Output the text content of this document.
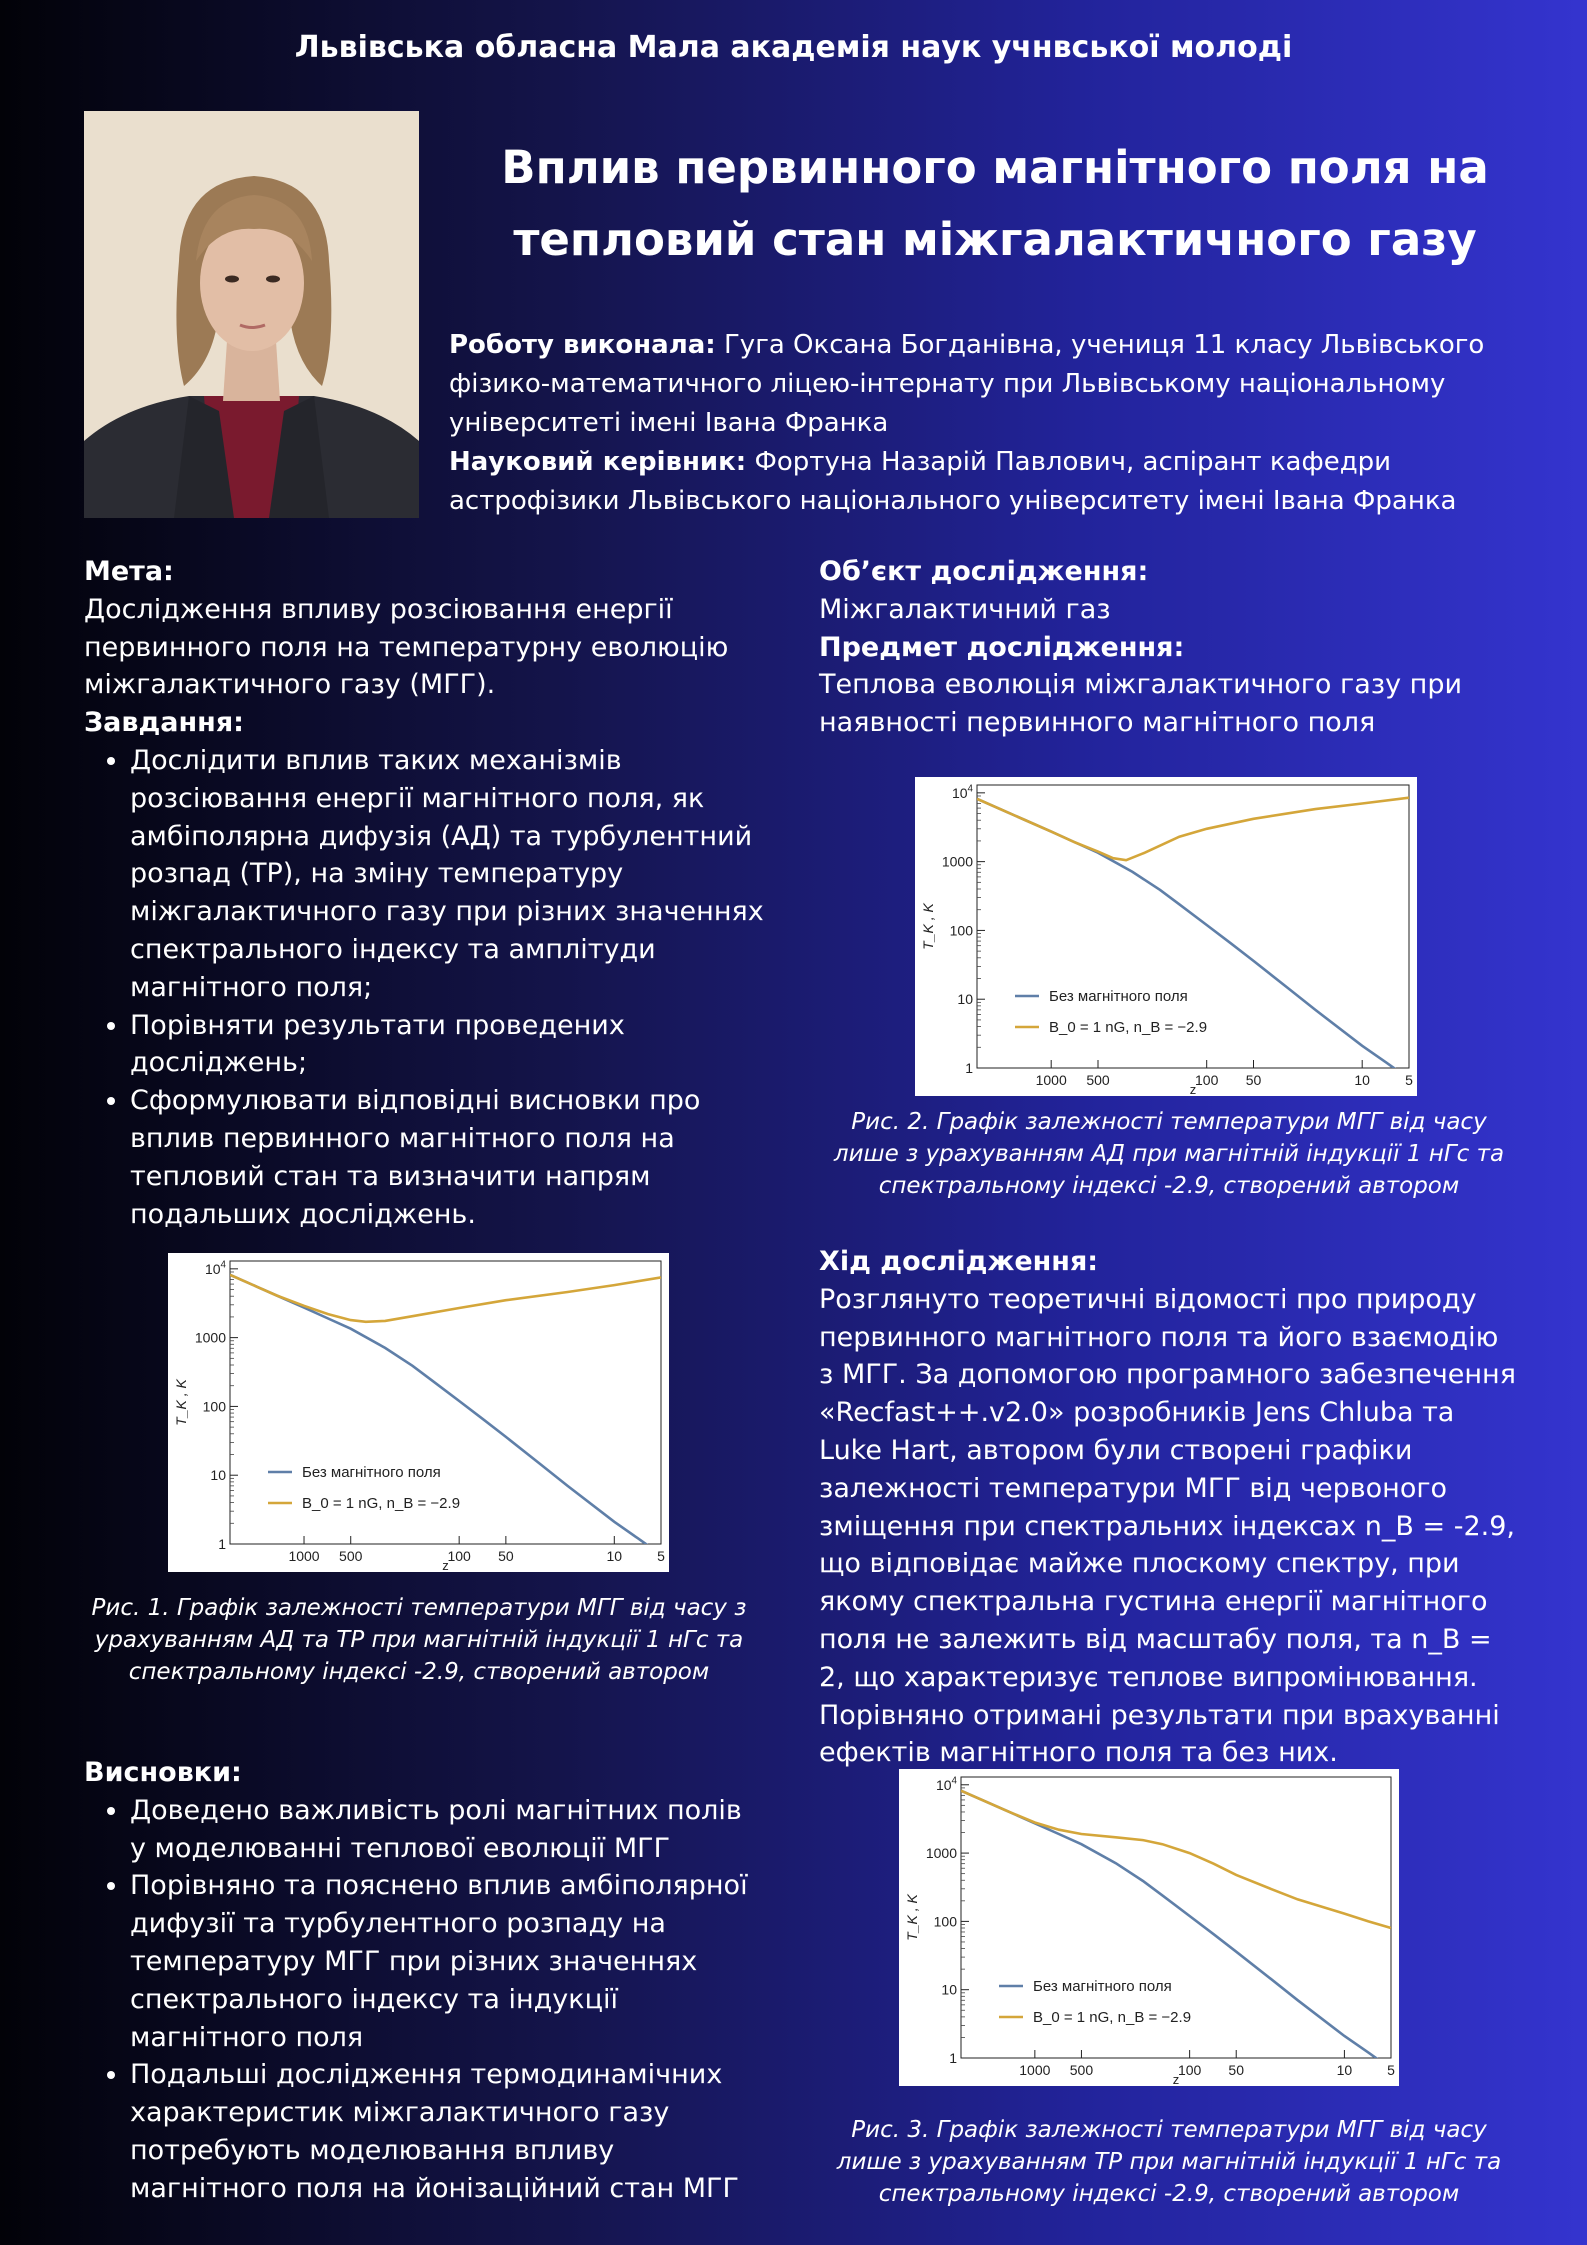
Львівська обласна Мала академія наук учнвської молоді
Вплив первинного магнітного поля на
тепловий стан міжгалактичного газу

Роботу виконала: Гуга Оксана Богданівна, учениця 11 класу Львівського фізико-математичного ліцею-інтернату при Львівському національному університеті імені Івана Франка

Науковий керівник: Фортуна Назарій Павлович, аспірант кафедри астрофізики Львівського національного університету імені Івана Франка

Мета:

Дослідження впливу розсіювання енергії первинного поля на температурну еволюцію міжгалактичного газу (МГГ).

Завдання:

• Дослідити вплив таких механізмів розсіювання енергії магнітного поля, як амбіполярна дифузія (АД) та турбулентний розпад (ТР), на зміну температуру міжгалактичного газу при різних значеннях спектрального індексу та амплітуди магнітного поля;
• Порівняти результати проведених досліджень;
• Сформулювати відповідні висновки про вплив первинного магнітного поля на тепловий стан та визначити напрям подальших досліджень.

Об’єкт дослідження:

Міжгалактичний газ

Предмет дослідження:

Теплова еволюція міжгалактичного газу при наявності первинного магнітного поля

1
10
100
1000
$10^4$
1000 500	100 50	10	5
z
T_K , K
Без магнітного поля
B_0 = 1 nG, n_B = −2.9
Рис. 2. Графік залежності температури МГГ від часу
лише з урахуванням АД при магнітній індукції 1 нГс та
спектральному індексі -2.9, створений автором

Хід дослідження:

Розглянуто теоретичні відомості про природу первинного магнітного поля та його взаємодію з МГГ. За допомогою програмного забезпечення «Recfast++.v2.0» розробників Jens Chluba та Luke Hart, автором були створені графіки залежності температури МГГ від червоного зміщення при спектральних індексах n_B = -2.9, що відповідає майже плоскому спектру, при якому спектральна густина енергії магнітного поля не залежить від масштабу поля, та n_B = 2, що характеризує теплове випромінювання. Порівняно отримані результати при врахуванні ефектів магнітного поля та без них.

1
10
100
1000
$10^4$
1000 500	100 50	10	5
z
T_K , K
Без магнітного поля
B_0 = 1 nG, n_B = −2.9
Рис. 1. Графік залежності температури МГГ від часу з
урахуванням АД та ТР при магнітній індукції 1 нГс та
спектральному індексі -2.9, створений автором

Висновки:

• Доведено важливість ролі магнітних полів у моделюванні теплової еволюції МГГ
• Порівняно та пояснено вплив амбіполярної дифузії та турбулентного розпаду на температуру МГГ при різних значеннях спектрального індексу та індукції магнітного поля
• Подальші дослідження термодинамічних характеристик міжгалактичного газу потребують моделювання впливу магнітного поля на йонізаційний стан МГГ
1
10
100
1000
$10^4$
1000 500	100 50	10 5
z
T_K , K
Без магнітного поля
B_0 = 1 nG, n_B = −2.9
Рис. 3. Графік залежності температури МГГ від часу
лише з урахуванням ТР при магнітній індукції 1 нГс та
спектральному індексі -2.9, створений автором
